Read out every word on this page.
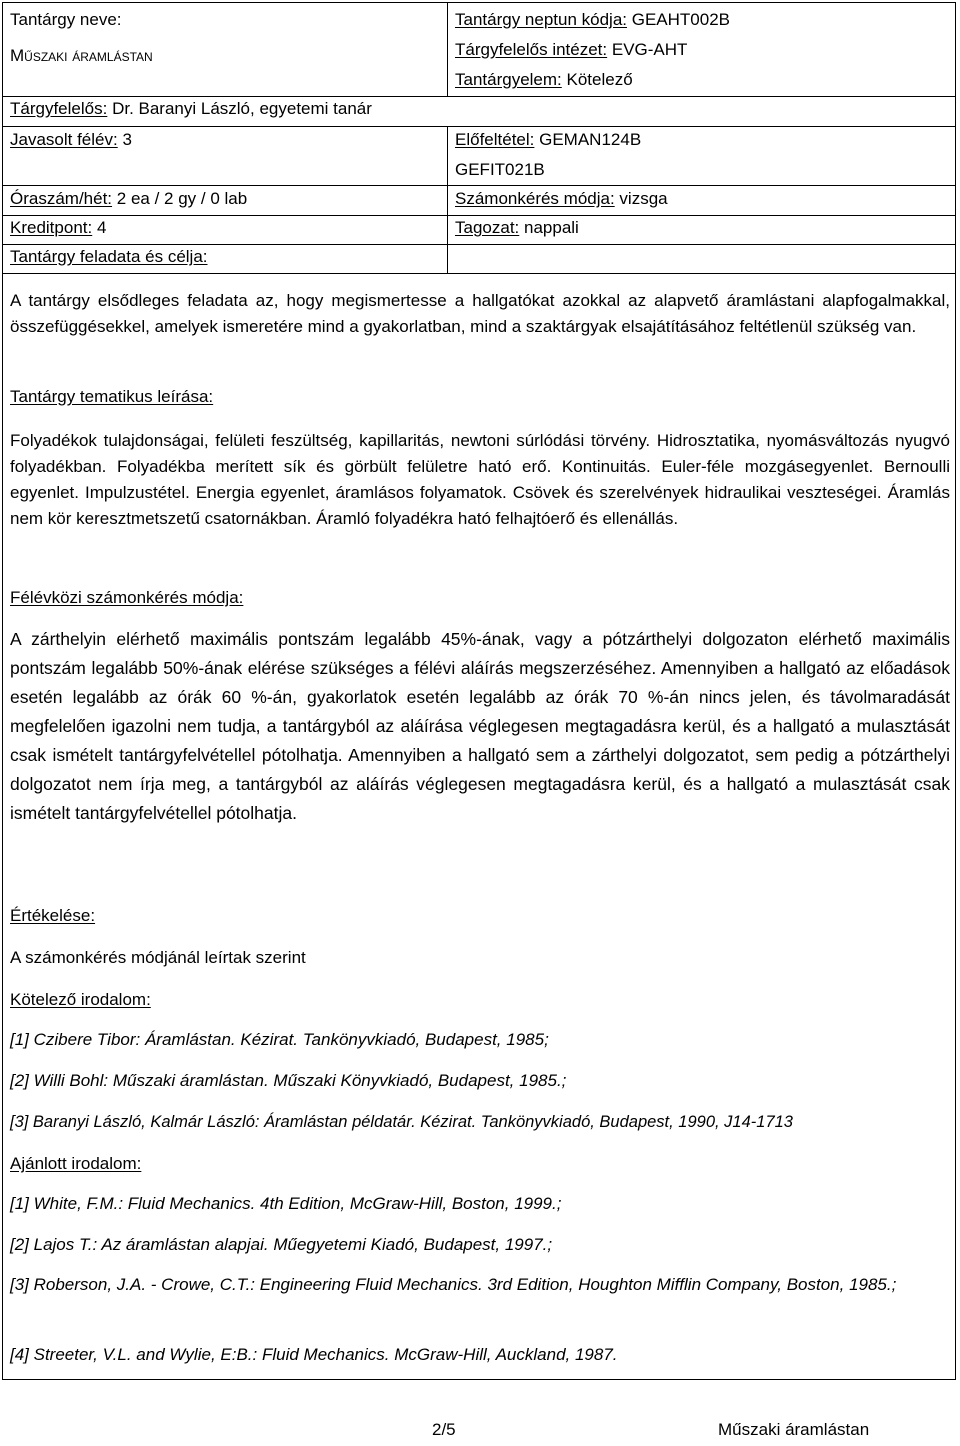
Tantárgy neve:
Műszaki áramlástan
Tárgyfelelős: Dr. Baranyi László, egyetemi tanár
Javasolt félév: 3
Óraszám/hét: 2 ea / 2 gy / 0 lab
Kreditpont: 4
Tantárgy feladata és célja:
Tantárgy neptun kódja: GEAHT002B
Tárgyfelelős intézet: EVG-AHT
Tantárgyelem: Kötelező
Előfeltétel: GEMAN124B
GEFIT021B
Számonkérés módja: vizsga
Tagozat: nappali

A tantárgy elsődleges feladata az, hogy megismertesse a hallgatókat azokkal az alapvető áramlástani alapfogalmakkal, összefüggésekkel, amelyek ismeretére mind a gyakorlatban, mind a szaktárgyak elsajátításához feltétlenül szükség van.

Tantárgy tematikus leírása:

Folyadékok tulajdonságai, felületi feszültség, kapillaritás, newtoni súrlódási törvény. Hidrosztatika, nyomásváltozás nyugvó folyadékban. Folyadékba merített sík és görbült felületre ható erő. Kontinuitás. Euler-féle mozgásegyenlet. Bernoulli egyenlet. Impulzustétel. Energia egyenlet, áramlásos folyamatok. Csövek és szerelvények hidraulikai veszteségei. Áramlás nem kör keresztmetszetű csatornákban. Áramló folyadékra ható felhajtóerő és ellenállás.

Félévközi számonkérés módja:

A zárthelyin elérhető maximális pontszám legalább 45%-ának, vagy a pótzárthelyi dolgozaton elérhető maximális pontszám legalább 50%-ának elérése szükséges a félévi aláírás megszerzéséhez. Amennyiben a hallgató az előadások esetén legalább az órák 60 %-án, gyakorlatok esetén legalább az órák 70 %-án nincs jelen, és távolmaradását megfelelően igazolni nem tudja, a tantárgyból az aláírása véglegesen megtagadásra kerül, és a hallgató a mulasztását csak ismételt tantárgyfelvétellel pótolhatja. Amennyiben a hallgató sem a zárthelyi dolgozatot, sem pedig a pótzárthelyi dolgozatot nem írja meg, a tantárgyból az aláírás véglegesen megtagadásra kerül, és a hallgató a mulasztását csak ismételt tantárgyfelvétellel pótolhatja.

Értékelése:
A számonkérés módjánál leírtak szerint
Kötelező irodalom:
[1] Czibere Tibor: Áramlástan. Kézirat. Tankönyvkiadó, Budapest, 1985;
[2] Willi Bohl: Műszaki áramlástan. Műszaki Könyvkiadó, Budapest, 1985.;
[3] Baranyi László, Kalmár László: Áramlástan példatár. Kézirat. Tankönyvkiadó, Budapest, 1990, J14-1713
Ajánlott irodalom:
[1] White, F.M.: Fluid Mechanics. 4th Edition, McGraw-Hill, Boston, 1999.;
[2] Lajos T.: Az áramlástan alapjai. Műegyetemi Kiadó, Budapest, 1997.;
[3] Roberson, J.A. - Crowe, C.T.: Engineering Fluid Mechanics. 3rd Edition, Houghton Mifflin Company, Boston, 1985.;
[4] Streeter, V.L. and Wylie, E:B.: Fluid Mechanics. McGraw-Hill, Auckland, 1987.
2/5	Műszaki áramlástan
